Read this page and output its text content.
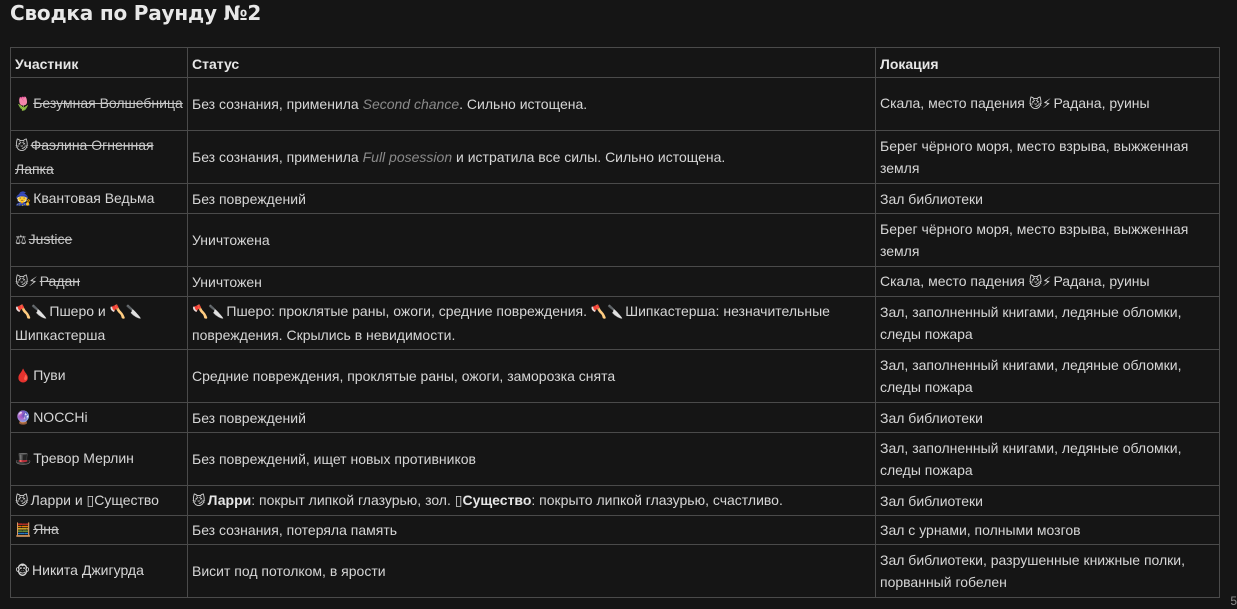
Сводка по Раунду №2
Участник	Статус	Локация
🌷 Безумная Волшебница	Без сознания, применила Second chance. Сильно истощена.	Скала, место падения 😼⚡ Радана, руины
😼 Фаэлина Огненная Лапка	Без сознания, применила Full posession и истратила все силы. Сильно истощена.	Берег чёрного моря, место взрыва, выжженная земля
🧙 Квантовая Ведьма	Без повреждений	Зал библиотеки
⚖ Justice	Уничтожена	Берег чёрного моря, место взрыва, выжженная земля
😼⚡ Радан	Уничтожен	Скала, место падения 😼⚡ Радана, руины
🪓🔪 Пшеро и 🪓🔪Шипкастерша	🪓🔪 Пшеро: проклятые раны, ожоги, средние повреждения. 🪓🔪 Шипкастерша: незначительные повреждения. Скрылись в невидимости.	Зал, заполненный книгами, ледяные обломки, следы пожара
🩸 Пуви	Средние повреждения, проклятые раны, ожоги, заморозка снята	Зал, заполненный книгами, ледяные обломки, следы пожара
🔮 NOCCHi	Без повреждений	Зал библиотеки
🎩 Тревор Мерлин	Без повреждений, ищет новых противников	Зал, заполненный книгами, ледяные обломки, следы пожара
😼 Ларри и ▯Существо	😼 Ларри: покрыт липкой глазурью, зол. ▯Существо: покрыто липкой глазурью, счастливо.	Зал библиотеки
🧮 Яна	Без сознания, потеряла память	Зал с урнами, полными мозгов
🐵 Никита Джигурда	Висит под потолком, в ярости	Зал библиотеки, разрушенные книжные полки, порванный гобелен
5
